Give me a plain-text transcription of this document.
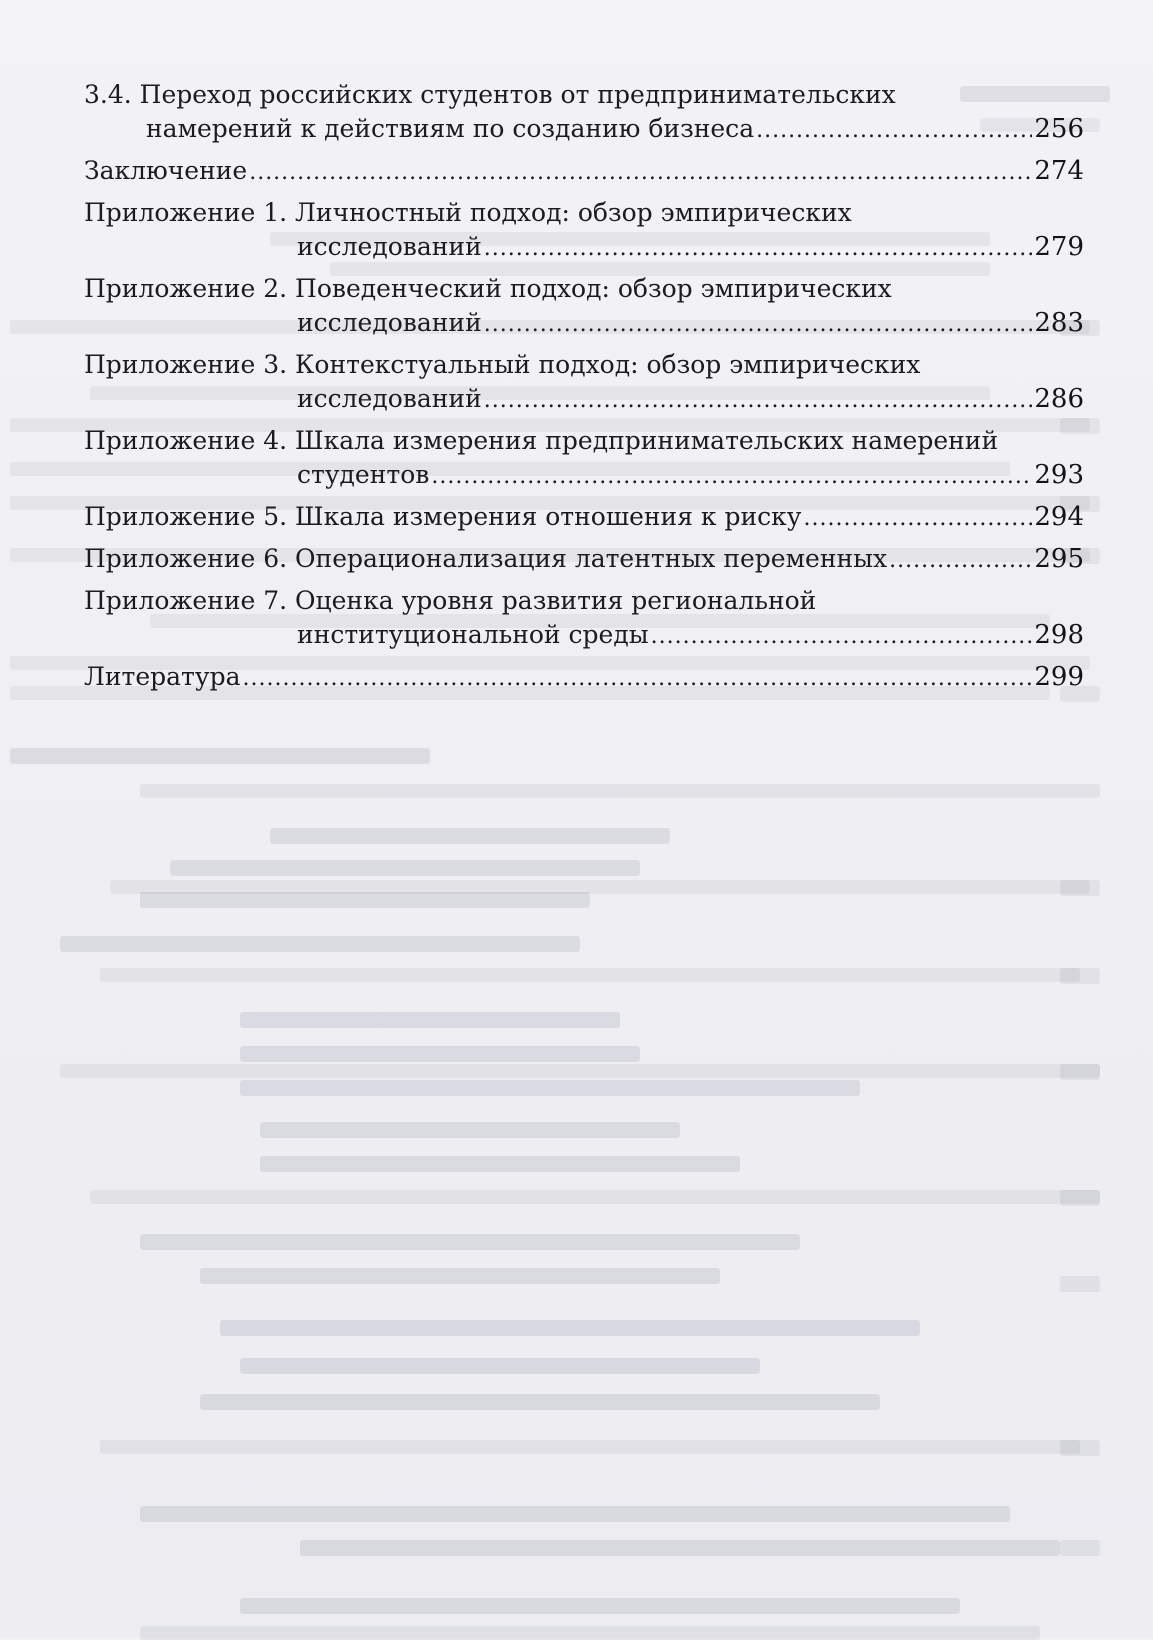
3.4. Переход российских студентов от предпринимательских
намерений к действиям по созданию бизнеса .....	256
Заключение .....	274
Приложение 1. Личностный подход: обзор эмпирических
исследований .....	279
Приложение 2. Поведенческий подход: обзор эмпирических
исследований .....	283
Приложение 3. Контекстуальный подход: обзор эмпирических
исследований .....	286
Приложение 4. Шкала измерения предпринимательских намерений
студентов .....	293
Приложение 5. Шкала измерения отношения к риску .....	294
Приложение 6. Операционализация латентных переменных .....	295
Приложение 7. Оценка уровня развития региональной
институциональной среды .....	298
Литература .....	299
